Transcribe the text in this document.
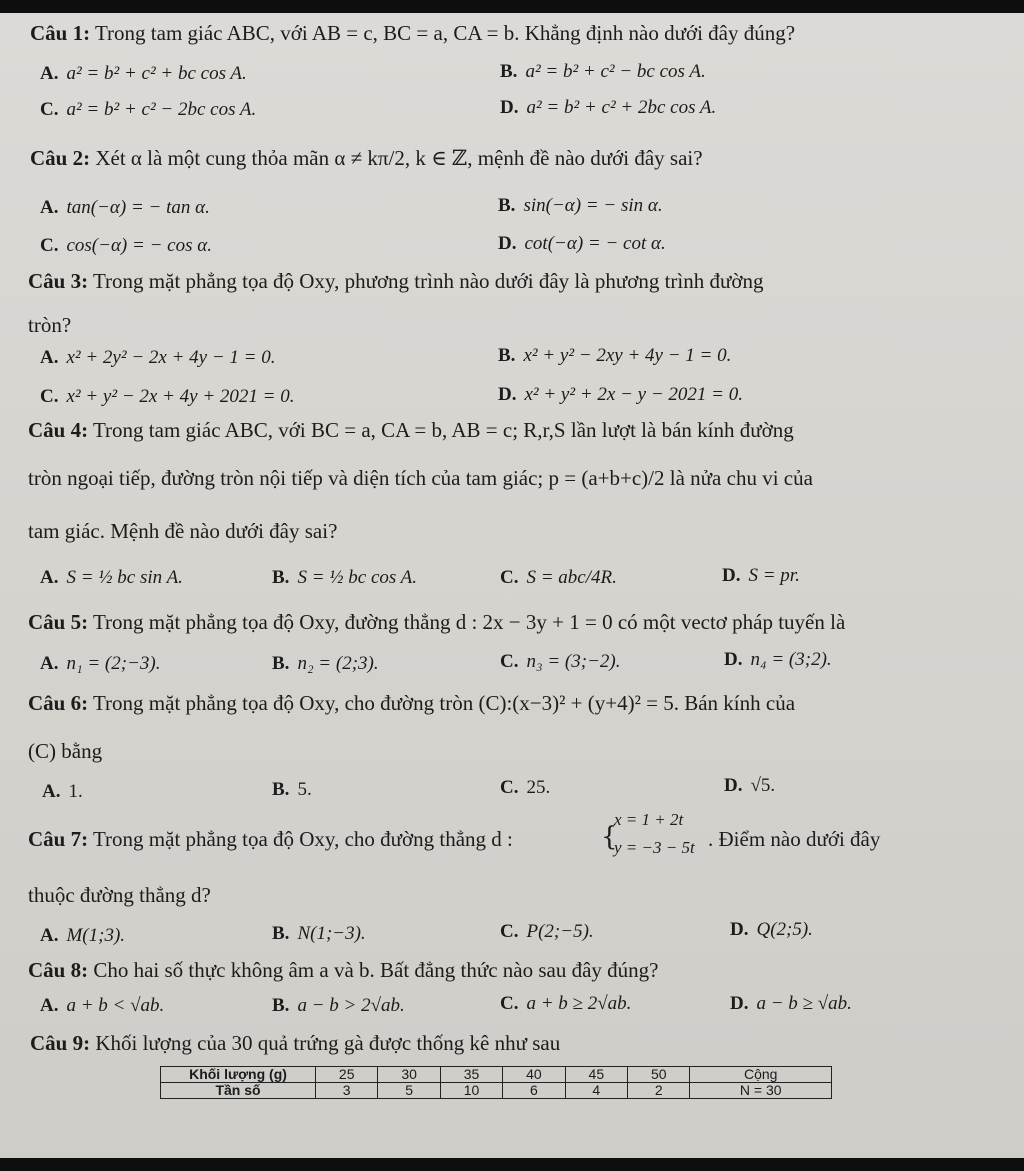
Câu 1: Trong tam giác ABC, với AB = c, BC = a, CA = b. Khẳng định nào dưới đây đúng?
A. a² = b² + c² + bc cos A.	B. a² = b² + c² − bc cos A.
C. a² = b² + c² − 2bc cos A.	D. a² = b² + c² + 2bc cos A.
Câu 2: Xét α là một cung thỏa mãn α ≠ kπ/2, k ∈ ℤ, mệnh đề nào dưới đây sai?
A. tan(−α) = − tan α.	B. sin(−α) = − sin α.
C. cos(−α) = − cos α.	D. cot(−α) = − cot α.
Câu 3: Trong mặt phẳng tọa độ Oxy, phương trình nào dưới đây là phương trình đường
tròn?
A. x² + 2y² − 2x + 4y − 1 = 0.	B. x² + y² − 2xy + 4y − 1 = 0.
C. x² + y² − 2x + 4y + 2021 = 0.	D. x² + y² + 2x − y − 2021 = 0.
Câu 4: Trong tam giác ABC, với BC = a, CA = b, AB = c; R,r,S lần lượt là bán kính đường
tròn ngoại tiếp, đường tròn nội tiếp và diện tích của tam giác; p = (a+b+c)/2 là nửa chu vi của
tam giác. Mệnh đề nào dưới đây sai?
A. S = ½ bc sin A.	B. S = ½ bc cos A.	C. S = abc/4R.	D. S = pr.
Câu 5: Trong mặt phẳng tọa độ Oxy, đường thẳng d : 2x − 3y + 1 = 0 có một vectơ pháp tuyến là
A. n₁ = (2;−3).	B. n₂ = (2;3).	C. n₃ = (3;−2).	D. n₄ = (3;2).
Câu 6: Trong mặt phẳng tọa độ Oxy, cho đường tròn (C):(x−3)² + (y+4)² = 5. Bán kính của
(C) bằng
A. 1.	B. 5.	C. 25.	D. √5.
Câu 7: Trong mặt phẳng tọa độ Oxy, cho đường thẳng d :	{
x = 1 + 2t
y = −3 − 5t . Điểm nào dưới đây
thuộc đường thẳng d?
A. M(1;3).	B. N(1;−3).	C. P(2;−5).	D. Q(2;5).
Câu 8: Cho hai số thực không âm a và b. Bất đẳng thức nào sau đây đúng?
A. a + b < √ab.	B. a − b > 2√ab.	C. a + b ≥ 2√ab.	D. a − b ≥ √ab.
Câu 9: Khối lượng của 30 quả trứng gà được thống kê như sau
Khối lượng (g)	25	30	35	40	45	50	Cộng
Tần số	3	5	10	6	4	2	N = 30
